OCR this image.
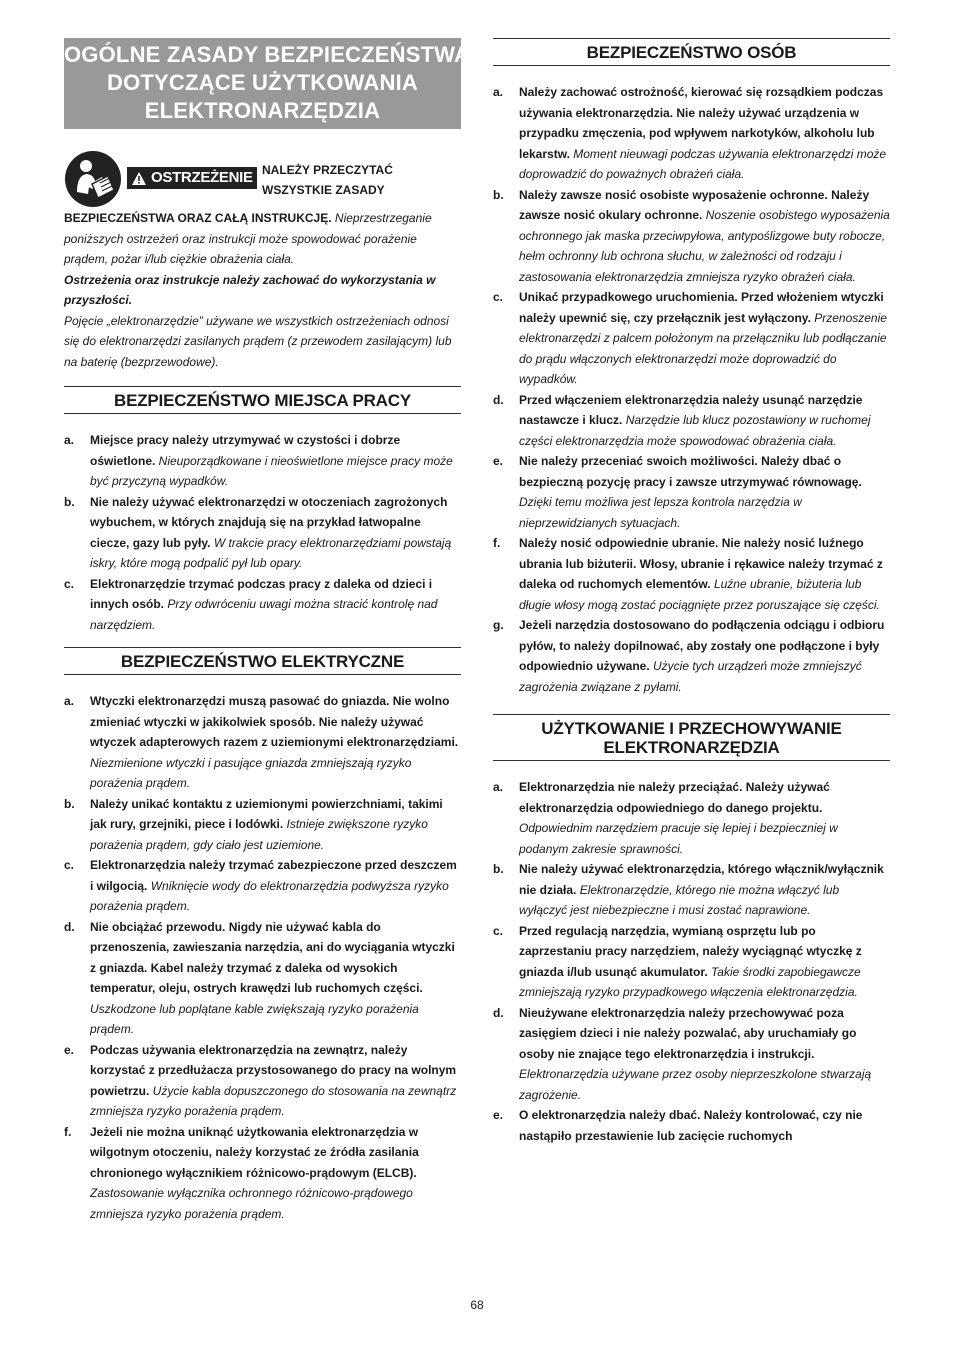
OGÓLNE ZASADY BEZPIECZEŃSTWA
DOTYCZĄCE UŻYTKOWANIA
ELEKTRONARZĘDZIA
OSTRZEŻENIE NALEŻY PRZECZYTAĆ
WSZYSTKIE ZASADY

BEZPIECZEŃSTWA ORAZ CAŁĄ INSTRUKCJĘ. Nieprzestrzeganie poniższych ostrzeżeń oraz instrukcji może spowodować porażenie prądem, pożar i/lub ciężkie obrażenia ciała.

Ostrzeżenia oraz instrukcje należy zachować do wykorzystania w przyszłości.

Pojęcie „elektronarzędzie” używane we wszystkich ostrzeżeniach odnosi się do elektronarzędzi zasilanych prądem (z przewodem zasilającym) lub na baterię (bezprzewodowe).

BEZPIECZEŃSTWO MIEJSCA PRACY
a. Miejsce pracy należy utrzymywać w czystości i dobrze oświetlone. Nieuporządkowane i nieoświetlone miejsce pracy może być przyczyną wypadków.
b. Nie należy używać elektronarzędzi w otoczeniach zagrożonych wybuchem, w których znajdują się na przykład łatwopalne ciecze, gazy lub pyły. W trakcie pracy elektronarzędziami powstają iskry, które mogą podpalić pył lub opary.
c. Elektronarzędzie trzymać podczas pracy z daleka od dzieci i innych osób. Przy odwróceniu uwagi można stracić kontrolę nad narzędziem.
BEZPIECZEŃSTWO ELEKTRYCZNE
a. Wtyczki elektronarzędzi muszą pasować do gniazda. Nie wolno zmieniać wtyczki w jakikolwiek sposób. Nie należy używać wtyczek adapterowych razem z uziemionymi elektronarzędziami. Niezmienione wtyczki i pasujące gniazda zmniejszają ryzyko porażenia prądem.
b. Należy unikać kontaktu z uziemionymi powierzchniami, takimi jak rury, grzejniki, piece i lodówki. Istnieje zwiększone ryzyko porażenia prądem, gdy ciało jest uziemione.
c. Elektronarzędzia należy trzymać zabezpieczone przed deszczem i wilgocią. Wniknięcie wody do elektronarzędzia podwyższa ryzyko porażenia prądem.
d. Nie obciążać przewodu. Nigdy nie używać kabla do przenoszenia, zawieszania narzędzia, ani do wyciągania wtyczki z gniazda. Kabel należy trzymać z daleka od wysokich temperatur, oleju, ostrych krawędzi lub ruchomych części. Uszkodzone lub poplątane kable zwiększają ryzyko porażenia prądem.
e. Podczas używania elektronarzędzia na zewnątrz, należy korzystać z przedłużacza przystosowanego do pracy na wolnym powietrzu. Użycie kabla dopuszczonego do stosowania na zewnątrz zmniejsza ryzyko porażenia prądem.
f. Jeżeli nie można uniknąć użytkowania elektronarzędzia w wilgotnym otoczeniu, należy korzystać ze źródła zasilania chronionego wyłącznikiem różnicowo-prądowym (ELCB). Zastosowanie wyłącznika ochronnego różnicowo-prądowego zmniejsza ryzyko porażenia prądem.
BEZPIECZEŃSTWO OSÓB
a. Należy zachować ostrożność, kierować się rozsądkiem podczas używania elektronarzędzia. Nie należy używać urządzenia w przypadku zmęczenia, pod wpływem narkotyków, alkoholu lub lekarstw. Moment nieuwagi podczas używania elektronarzędzi może doprowadzić do poważnych obrażeń ciała.
b. Należy zawsze nosić osobiste wyposażenie ochronne. Należy zawsze nosić okulary ochronne. Noszenie osobistego wyposażenia ochronnego jak maska przeciwpyłowa, antypoślizgowe buty robocze, hełm ochronny lub ochrona słuchu, w zależności od rodzaju i zastosowania elektronarzędzia zmniejsza ryzyko obrażeń ciała.
c. Unikać przypadkowego uruchomienia. Przed włożeniem wtyczki należy upewnić się, czy przełącznik jest wyłączony. Przenoszenie elektronarzędzi z palcem położonym na przełączniku lub podłączanie do prądu włączonych elektronarzędzi może doprowadzić do wypadków.
d. Przed włączeniem elektronarzędzia należy usunąć narzędzie nastawcze i klucz. Narzędzie lub klucz pozostawiony w ruchomej części elektronarzędzia może spowodować obrażenia ciała.
e. Nie należy przeceniać swoich możliwości. Należy dbać o bezpieczną pozycję pracy i zawsze utrzymywać równowagę. Dzięki temu możliwa jest lepsza kontrola narzędzia w nieprzewidzianych sytuacjach.
f. Należy nosić odpowiednie ubranie. Nie należy nosić luźnego ubrania lub biżuterii. Włosy, ubranie i rękawice należy trzymać z daleka od ruchomych elementów. Luźne ubranie, biżuteria lub długie włosy mogą zostać pociągnięte przez poruszające się części.
g. Jeżeli narzędzia dostosowano do podłączenia odciągu i odbioru pyłów, to należy dopilnować, aby zostały one podłączone i były odpowiednio używane. Użycie tych urządzeń może zmniejszyć zagrożenia związane z pyłami.
UŻYTKOWANIE I PRZECHOWYWANIE ELEKTRONARZĘDZIA
a. Elektronarzędzia nie należy przeciążać. Należy używać elektronarzędzia odpowiedniego do danego projektu. Odpowiednim narzędziem pracuje się lepiej i bezpieczniej w podanym zakresie sprawności.
b. Nie należy używać elektronarzędzia, którego włącznik/wyłącznik nie działa. Elektronarzędzie, którego nie można włączyć lub wyłączyć jest niebezpieczne i musi zostać naprawione.
c. Przed regulacją narzędzia, wymianą osprzętu lub po zaprzestaniu pracy narzędziem, należy wyciągnąć wtyczkę z gniazda i/lub usunąć akumulator. Takie środki zapobiegawcze zmniejszają ryzyko przypadkowego włączenia elektronarzędzia.
d. Nieużywane elektronarzędzia należy przechowywać poza zasięgiem dzieci i nie należy pozwalać, aby uruchamiały go osoby nie znające tego elektronarzędzia i instrukcji. Elektronarzędzia używane przez osoby nieprzeszkolone stwarzają zagrożenie.
e. O elektronarzędzia należy dbać. Należy kontrolować, czy nie nastąpiło przestawienie lub zacięcie ruchomych
68
